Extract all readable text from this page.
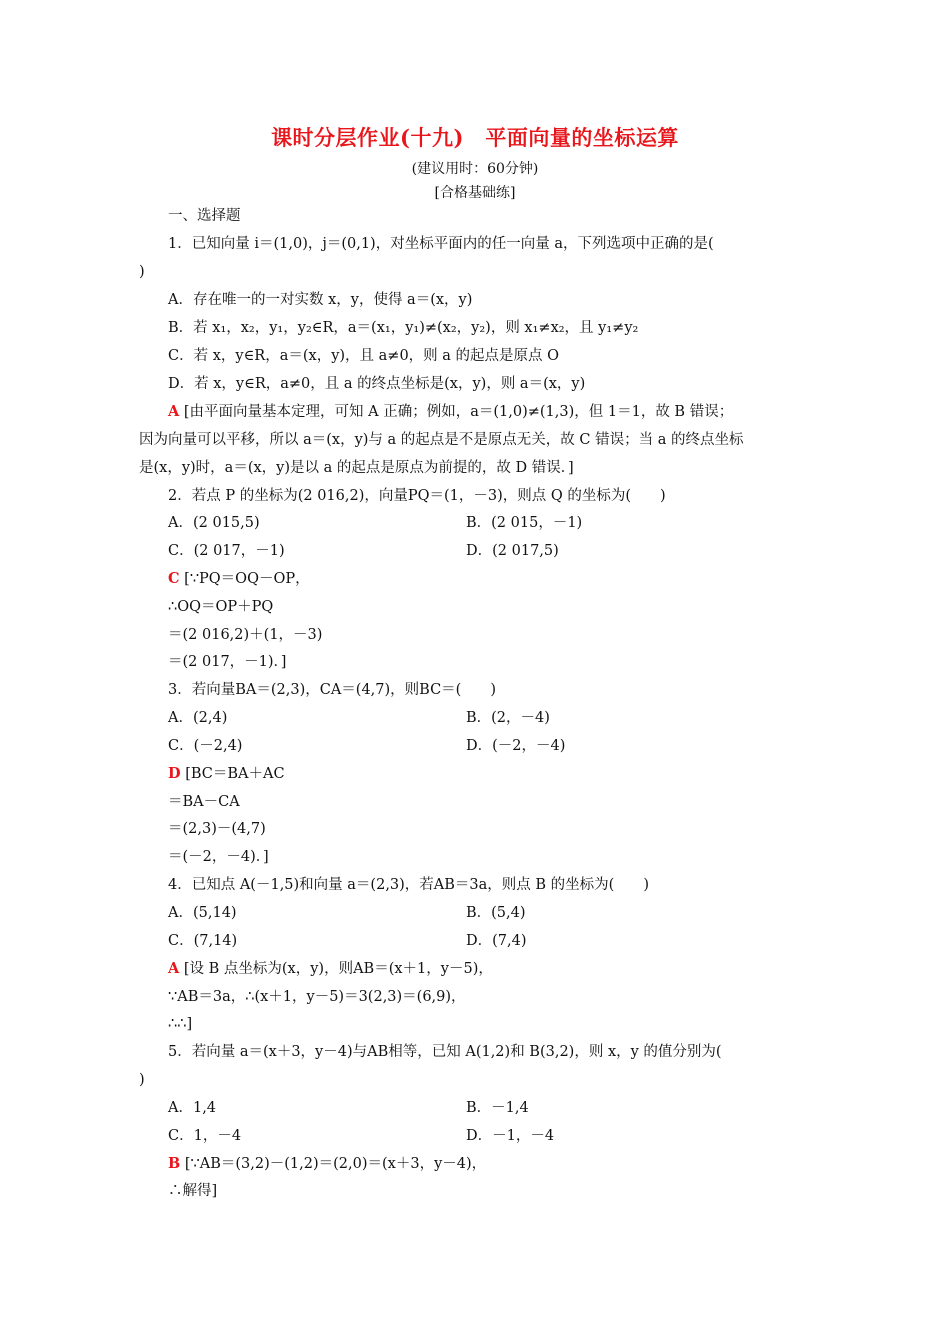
课时分层作业(十九)　平面向量的坐标运算
(建议用时：60分钟)
[合格基础练]
一、选择题
1．已知向量 i＝(1,0)，j＝(0,1)，对坐标平面内的任一向量 a，下列选项中正确的是(
)
A．存在唯一的一对实数 x，y，使得 a＝(x，y)
B．若 x₁，x₂，y₁，y₂∈R，a＝(x₁，y₁)≠(x₂，y₂)，则 x₁≠x₂，且 y₁≠y₂
C．若 x，y∈R，a＝(x，y)，且 a≠0，则 a 的起点是原点 O
D．若 x，y∈R，a≠0，且 a 的终点坐标是(x，y)，则 a＝(x，y)
A [由平面向量基本定理，可知 A 正确；例如，a＝(1,0)≠(1,3)，但 1＝1，故 B 错误；
因为向量可以平移，所以 a＝(x，y)与 a 的起点是不是原点无关，故 C 错误；当 a 的终点坐标
是(x，y)时，a＝(x，y)是以 a 的起点是原点为前提的，故 D 错误．]
2．若点 P 的坐标为(2 016,2)，向量PQ＝(1，－3)，则点 Q 的坐标为(　　)
A．(2 015,5)	B．(2 015，－1)
C．(2 017，－1)	D．(2 017,5)
C [∵PQ＝OQ－OP，
∴OQ＝OP＋PQ
＝(2 016,2)＋(1，－3)
＝(2 017，－1)．]
3．若向量BA＝(2,3)，CA＝(4,7)，则BC＝(　　)
A．(2,4)	B．(2，－4)
C．(－2,4)	D．(－2，－4)
D [BC＝BA＋AC
＝BA－CA
＝(2,3)－(4,7)
＝(－2，－4)．]
4．已知点 A(－1,5)和向量 a＝(2,3)，若AB＝3a，则点 B 的坐标为(　　)
A．(5,14)	B．(5,4)
C．(7,14)	D．(7,4)
A [设 B 点坐标为(x，y)，则AB＝(x＋1，y－5)，
∵AB＝3a，∴(x＋1，y－5)＝3(2,3)＝(6,9)，
∴∴]
5．若向量 a＝(x＋3，y－4)与AB相等，已知 A(1,2)和 B(3,2)，则 x，y 的值分别为(
)
A．1,4	B．－1,4
C．1，－4	D．－1，－4
B [∵AB＝(3,2)－(1,2)＝(2,0)＝(x＋3，y－4)，
∴解得]
